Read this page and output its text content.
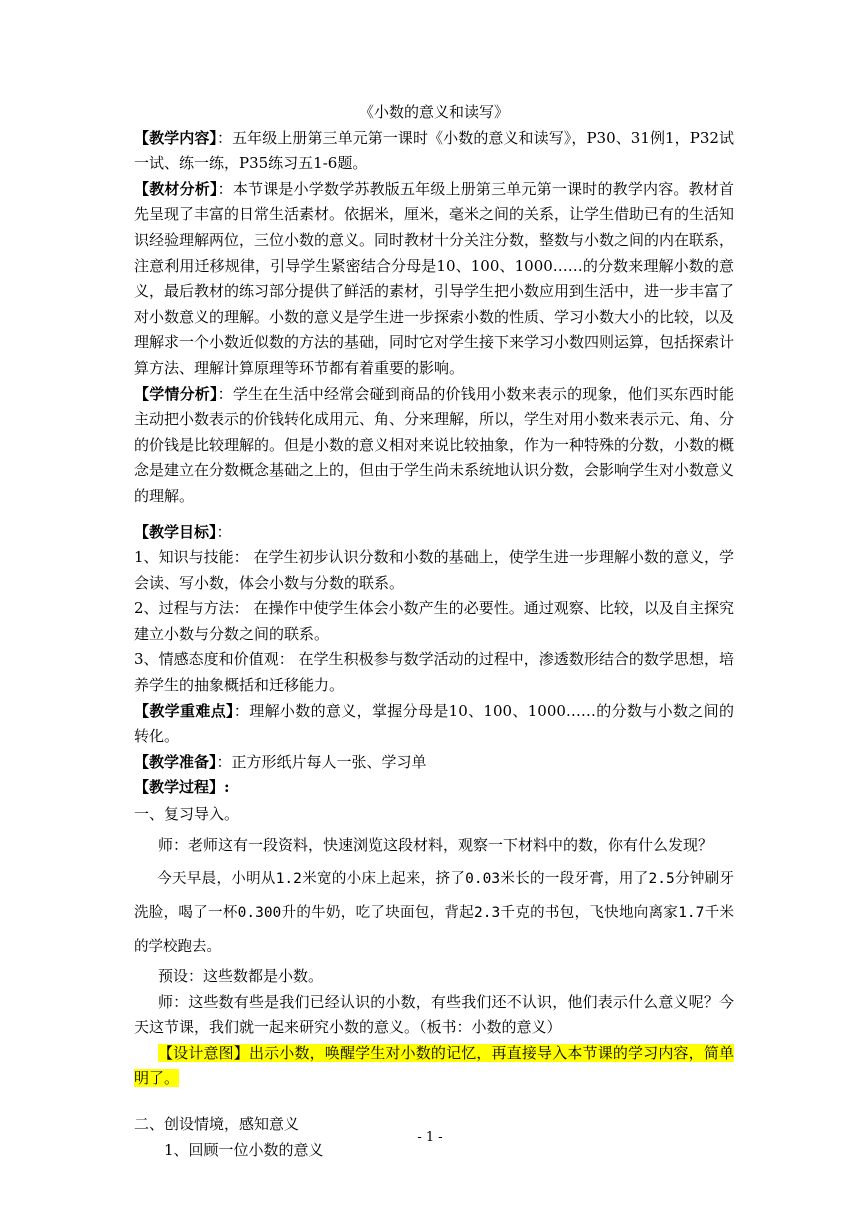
《小数的意义和读写》

【教学内容】：五年级上册第三单元第一课时《小数的意义和读写》，P30、31例1，P32试一试、练一练，P35练习五1-6题。

【教材分析】：本节课是小学数学苏教版五年级上册第三单元第一课时的教学内容。教材首先呈现了丰富的日常生活素材。依据米，厘米，毫米之间的关系，让学生借助已有的生活知识经验理解两位，三位小数的意义。同时教材十分关注分数，整数与小数之间的内在联系，注意利用迁移规律，引导学生紧密结合分母是10、100、1000……的分数来理解小数的意义，最后教材的练习部分提供了鲜活的素材，引导学生把小数应用到生活中，进一步丰富了对小数意义的理解。小数的意义是学生进一步探索小数的性质、学习小数大小的比较，以及理解求一个小数近似数的方法的基础，同时它对学生接下来学习小数四则运算，包括探索计算方法、理解计算原理等环节都有着重要的影响。

【学情分析】：学生在生活中经常会碰到商品的价钱用小数来表示的现象，他们买东西时能主动把小数表示的价钱转化成用元、角、分来理解，所以，学生对用小数来表示元、角、分的价钱是比较理解的。但是小数的意义相对来说比较抽象，作为一种特殊的分数，小数的概念是建立在分数概念基础之上的，但由于学生尚未系统地认识分数，会影响学生对小数意义的理解。

【教学目标】：

1、知识与技能： 在学生初步认识分数和小数的基础上，使学生进一步理解小数的意义，学会读、写小数，体会小数与分数的联系。

2、过程与方法： 在操作中使学生体会小数产生的必要性。通过观察、比较，以及自主探究建立小数与分数之间的联系。

3、情感态度和价值观： 在学生积极参与数学活动的过程中，渗透数形结合的数学思想，培养学生的抽象概括和迁移能力。

【教学重难点】：理解小数的意义，掌握分母是10、100、1000……的分数与小数之间的转化。

【教学准备】：正方形纸片每人一张、学习单

【教学过程】:

一、复习导入。

师：老师这有一段资料，快速浏览这段材料，观察一下材料中的数，你有什么发现？

今天早晨，小明从1.2米宽的小床上起来，挤了0.03米长的一段牙膏，用了2.5分钟刷牙洗脸，喝了一杯0.300升的牛奶，吃了块面包，背起2.3千克的书包，飞快地向离家1.7千米的学校跑去。

预设：这些数都是小数。

师：这些数有些是我们已经认识的小数，有些我们还不认识，他们表示什么意义呢？今天这节课，我们就一起来研究小数的意义。（板书：小数的意义）

【设计意图】出示小数，唤醒学生对小数的记忆，再直接导入本节课的学习内容，简单明了。

二、创设情境，感知意义

1、回顾一位小数的意义

- 1 -
